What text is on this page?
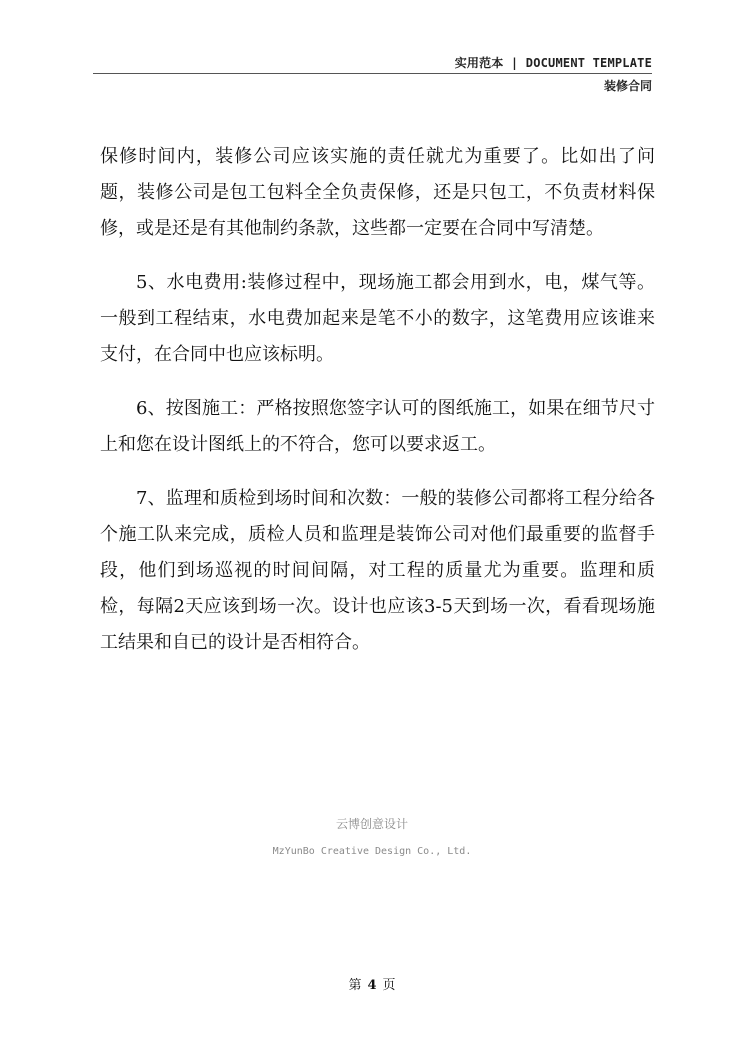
实用范本 | DOCUMENT TEMPLATE
装修合同

保修时间内，装修公司应该实施的责任就尤为重要了。比如出了问题，装修公司是包工包料全全负责保修，还是只包工，不负责材料保修，或是还是有其他制约条款，这些都一定要在合同中写清楚。

5、水电费用:装修过程中，现场施工都会用到水，电，煤气等。一般到工程结束，水电费加起来是笔不小的数字，这笔费用应该谁来支付，在合同中也应该标明。

6、按图施工：严格按照您签字认可的图纸施工，如果在细节尺寸上和您在设计图纸上的不符合，您可以要求返工。

7、监理和质检到场时间和次数：一般的装修公司都将工程分给各个施工队来完成，质检人员和监理是装饰公司对他们最重要的监督手段，他们到场巡视的时间间隔，对工程的质量尤为重要。监理和质检，每隔2天应该到场一次。设计也应该3-5天到场一次，看看现场施工结果和自已的设计是否相符合。

云博创意设计
MzYunBo Creative Design Co., Ltd.
第 4 页
